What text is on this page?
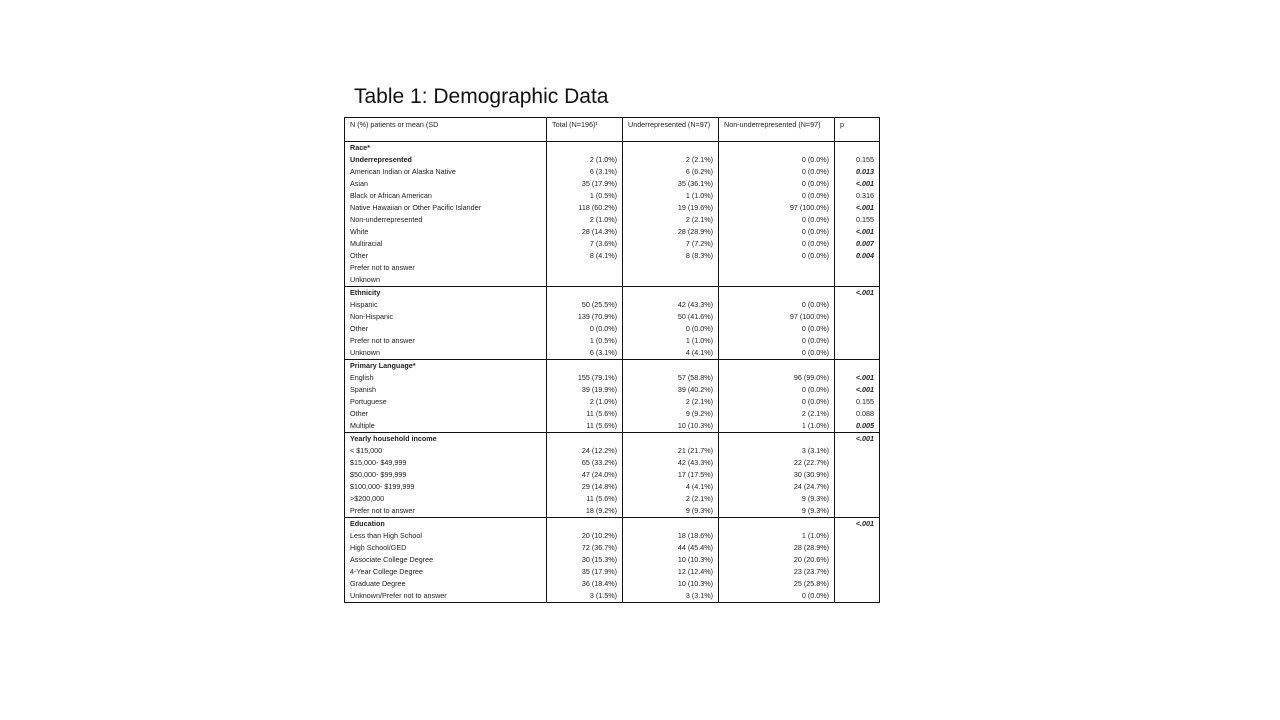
Table 1: Demographic Data
N (%) patients or mean (SD	Total (N=196)¹	Underrepresented (N=97)	Non-underrepresented (N=97)	p
Race*				
Underrepresented	2 (1.0%)	2 (2.1%)	0 (0.0%)	0.155
American Indian or Alaska Native	6 (3.1%)	6 (6.2%)	0 (0.0%)	0.013
Asian	35 (17.9%)	35 (36.1%)	0 (0.0%)	<.001
Black or African American	1 (0.5%)	1 (1.0%)	0 (0.0%)	0.316
Native Hawaiian or Other Pacific Islander	118 (60.2%)	19 (19.6%)	97 (100.0%)	<.001
Non-underrepresented	2 (1.0%)	2 (2.1%)	0 (0.0%)	0.155
White	28 (14.3%)	28 (28.9%)	0 (0.0%)	<.001
Multiracial	7 (3.6%)	7 (7.2%)	0 (0.0%)	0.007
Other	8 (4.1%)	8 (8.3%)	0 (0.0%)	0.004
Prefer not to answer				
Unknown				
Ethnicity				<.001
Hispanic	50 (25.5%)	42 (43.3%)	0 (0.0%)	
Non-Hispanic	139 (70.9%)	50 (41.6%)	97 (100.0%)	
Other	0 (0.0%)	0 (0.0%)	0 (0.0%)	
Prefer not to answer	1 (0.5%)	1 (1.0%)	0 (0.0%)	
Unknown	6 (3.1%)	4 (4.1%)	0 (0.0%)	
Primary Language*				
English	155 (79.1%)	57 (58.8%)	96 (99.0%)	<.001
Spanish	39 (19.9%)	39 (40.2%)	0 (0.0%)	<.001
Portuguese	2 (1.0%)	2 (2.1%)	0 (0.0%)	0.155
Other	11 (5.6%)	9 (9.2%)	2 (2.1%)	0.088
Multiple	11 (5.6%)	10 (10.3%)	1 (1.0%)	0.005
Yearly household income				<.001
< $15,000	24 (12.2%)	21 (21.7%)	3 (3.1%)	
$15,000- $49,999	65 (33.2%)	42 (43.3%)	22 (22.7%)	
$50,000- $99,999	47 (24.0%)	17 (17.5%)	30 (30.9%)	
$100,000- $199,999	29 (14.8%)	4 (4.1%)	24 (24.7%)	
>$200,000	11 (5.6%)	2 (2.1%)	9 (9.3%)	
Prefer not to answer	18 (9.2%)	9 (9.3%)	9 (9.3%)	
Education				<.001
Less than High School	20 (10.2%)	18 (18.6%)	1 (1.0%)	
High School/GED	72 (36.7%)	44 (45.4%)	28 (28.9%)	
Associate College Degree	30 (15.3%)	10 (10.3%)	20 (20.6%)	
4-Year College Degree	35 (17.9%)	12 (12.4%)	23 (23.7%)	
Graduate Degree	36 (18.4%)	10 (10.3%)	25 (25.8%)	
Unknown/Prefer not to answer	3 (1.5%)	3 (3.1%)	0 (0.0%)	
